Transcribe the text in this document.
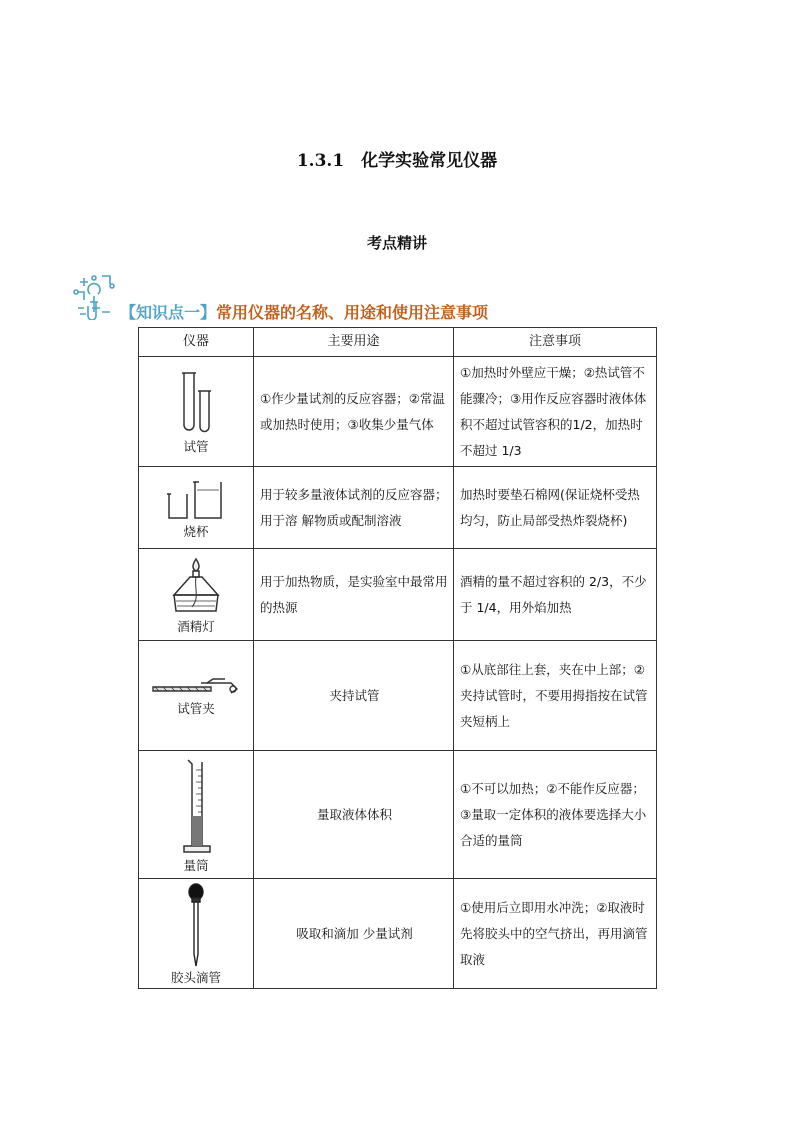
1.3.1　化学实验常见仪器
考点精讲
【知识点一】常用仪器的名称、用途和使用注意事项
仪器	主要用途	注意事项

试管	①作少量试剂的反应容器；②常温或加热时使用；③收集少量气体	①加热时外壁应干燥；②热试管不能骤冷；③用作反应容器时液体体积不超过试管容积的1/2，加热时不超过 1/3

烧杯	用于较多量液体试剂的反应容器；用于溶 解物质或配制溶液	加热时要垫石棉网(保证烧杯受热均匀，防止局部受热炸裂烧杯)

酒精灯	用于加热物质，是实验室中最常用的热源	酒精的量不超过容积的 2/3，不少于 1/4，用外焰加热

试管夹	夹持试管	①从底部往上套，夹在中上部；②夹持试管时，不要用拇指按在试管夹短柄上

量筒	量取液体体积	①不可以加热；②不能作反应器；③量取一定体积的液体要选择大小合适的量筒

胶头滴管	吸取和滴加 少量试剂	①使用后立即用水冲洗；②取液时先将胶头中的空气挤出，再用滴管取液
